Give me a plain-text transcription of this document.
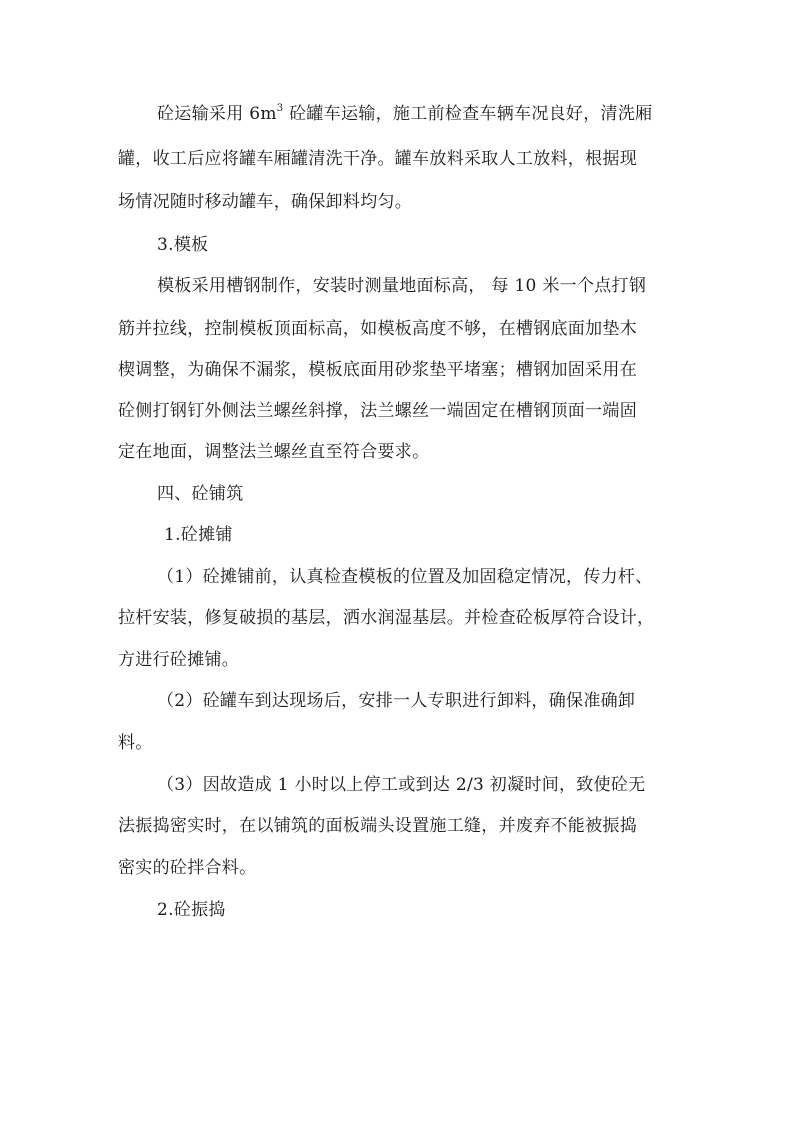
砼运输采用 $6m^3$ 砼罐车运输，施工前检查车辆车况良好，清洗厢
罐，收工后应将罐车厢罐清洗干净。罐车放料采取人工放料，根据现
场情况随时移动罐车，确保卸料均匀。
3.模板
模板采用槽钢制作，安装时测量地面标高， 每 10 米一个点打钢
筋并拉线，控制模板顶面标高，如模板高度不够，在槽钢底面加垫木
楔调整，为确保不漏浆，模板底面用砂浆垫平堵塞；槽钢加固采用在
砼侧打钢钉外侧法兰螺丝斜撑，法兰螺丝一端固定在槽钢顶面一端固
定在地面，调整法兰螺丝直至符合要求。
四、砼铺筑
1.砼摊铺
（1）砼摊铺前，认真检查模板的位置及加固稳定情况，传力杆、
拉杆安装，修复破损的基层，洒水润湿基层。并检查砼板厚符合设计，
方进行砼摊铺。
（2）砼罐车到达现场后，安排一人专职进行卸料，确保准确卸
料。
（3）因故造成 1 小时以上停工或到达 2/3 初凝时间，致使砼无
法振捣密实时，在以铺筑的面板端头设置施工缝，并废弃不能被振捣
密实的砼拌合料。
2.砼振捣
